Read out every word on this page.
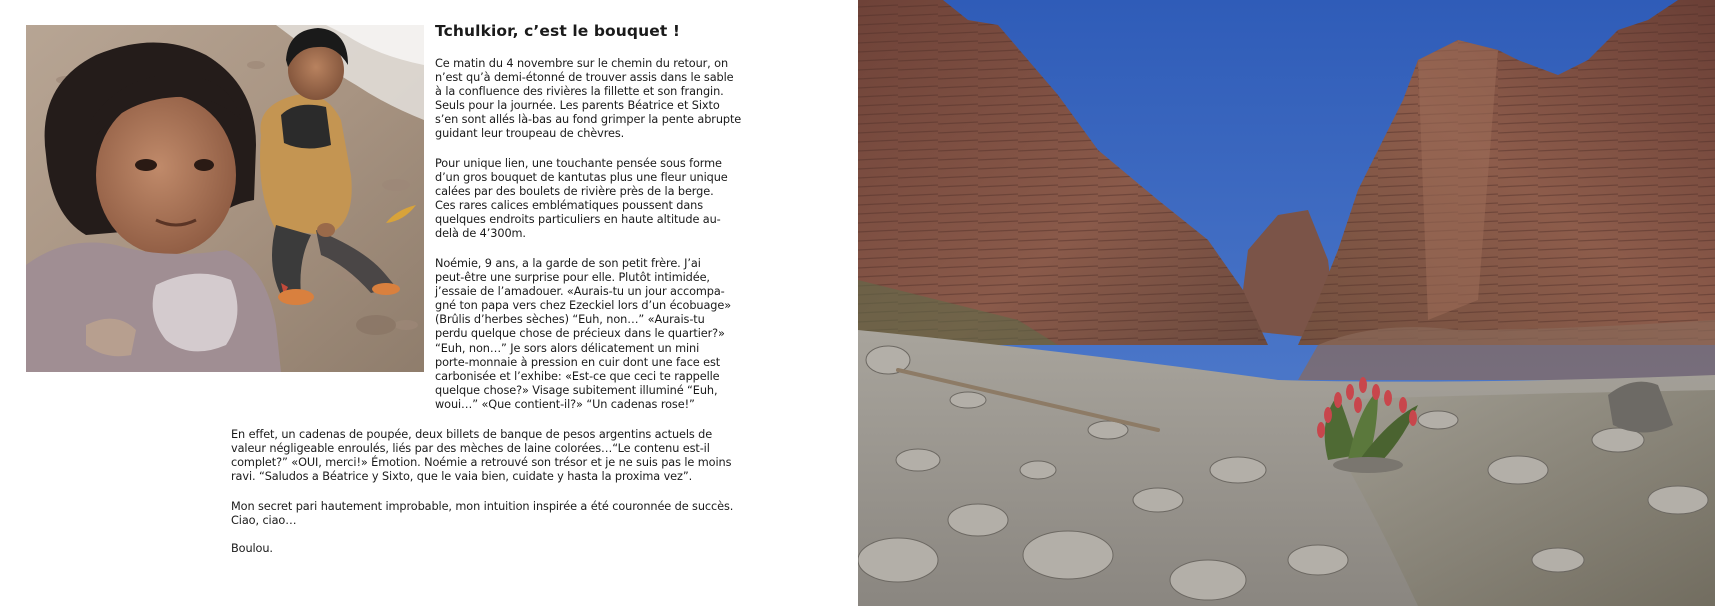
Tchulkior, c’est le bouquet !

Ce matin du 4 novembre sur le chemin du retour, on
n’est qu’à demi-étonné de trouver assis dans le sable
à la confluence des rivières la fillette et son frangin.
Seuls pour la journée. Les parents Béatrice et Sixto
s’en sont allés là-bas au fond grimper la pente abrupte
guidant leur troupeau de chèvres.

Pour unique lien, une touchante pensée sous forme
d’un gros bouquet de kantutas plus une fleur unique
calées par des boulets de rivière près de la berge.
Ces rares calices emblématiques poussent dans
quelques endroits particuliers en haute altitude au-
delà de 4’300m.

Noémie, 9 ans, a la garde de son petit frère. J’ai
peut-être une surprise pour elle. Plutôt intimidée,
j’essaie de l’amadouer. «Aurais-tu un jour accompa-
gné ton papa vers chez Ezeckiel lors d’un écobuage»
(Brûlis d’herbes sèches) “Euh, non…” «Aurais-tu
perdu quelque chose de précieux dans le quartier?»
“Euh, non…” Je sors alors délicatement un mini
porte-monnaie à pression en cuir dont une face est
carbonisée et l’exhibe: «Est-ce que ceci te rappelle
quelque chose?» Visage subitement illuminé “Euh,
woui…” «Que contient-il?» “Un cadenas rose!”

En effet, un cadenas de poupée, deux billets de banque de pesos argentins actuels de
valeur négligeable enroulés, liés par des mèches de laine colorées…“Le contenu est-il
complet?” «OUI, merci!» Émotion. Noémie a retrouvé son trésor et je ne suis pas le moins
ravi. “Saludos a Béatrice y Sixto, que le vaia bien, cuidate y hasta la proxima vez”.

Mon secret pari hautement improbable, mon intuition inspirée a été couronnée de succès.
Ciao, ciao…

Boulou.
